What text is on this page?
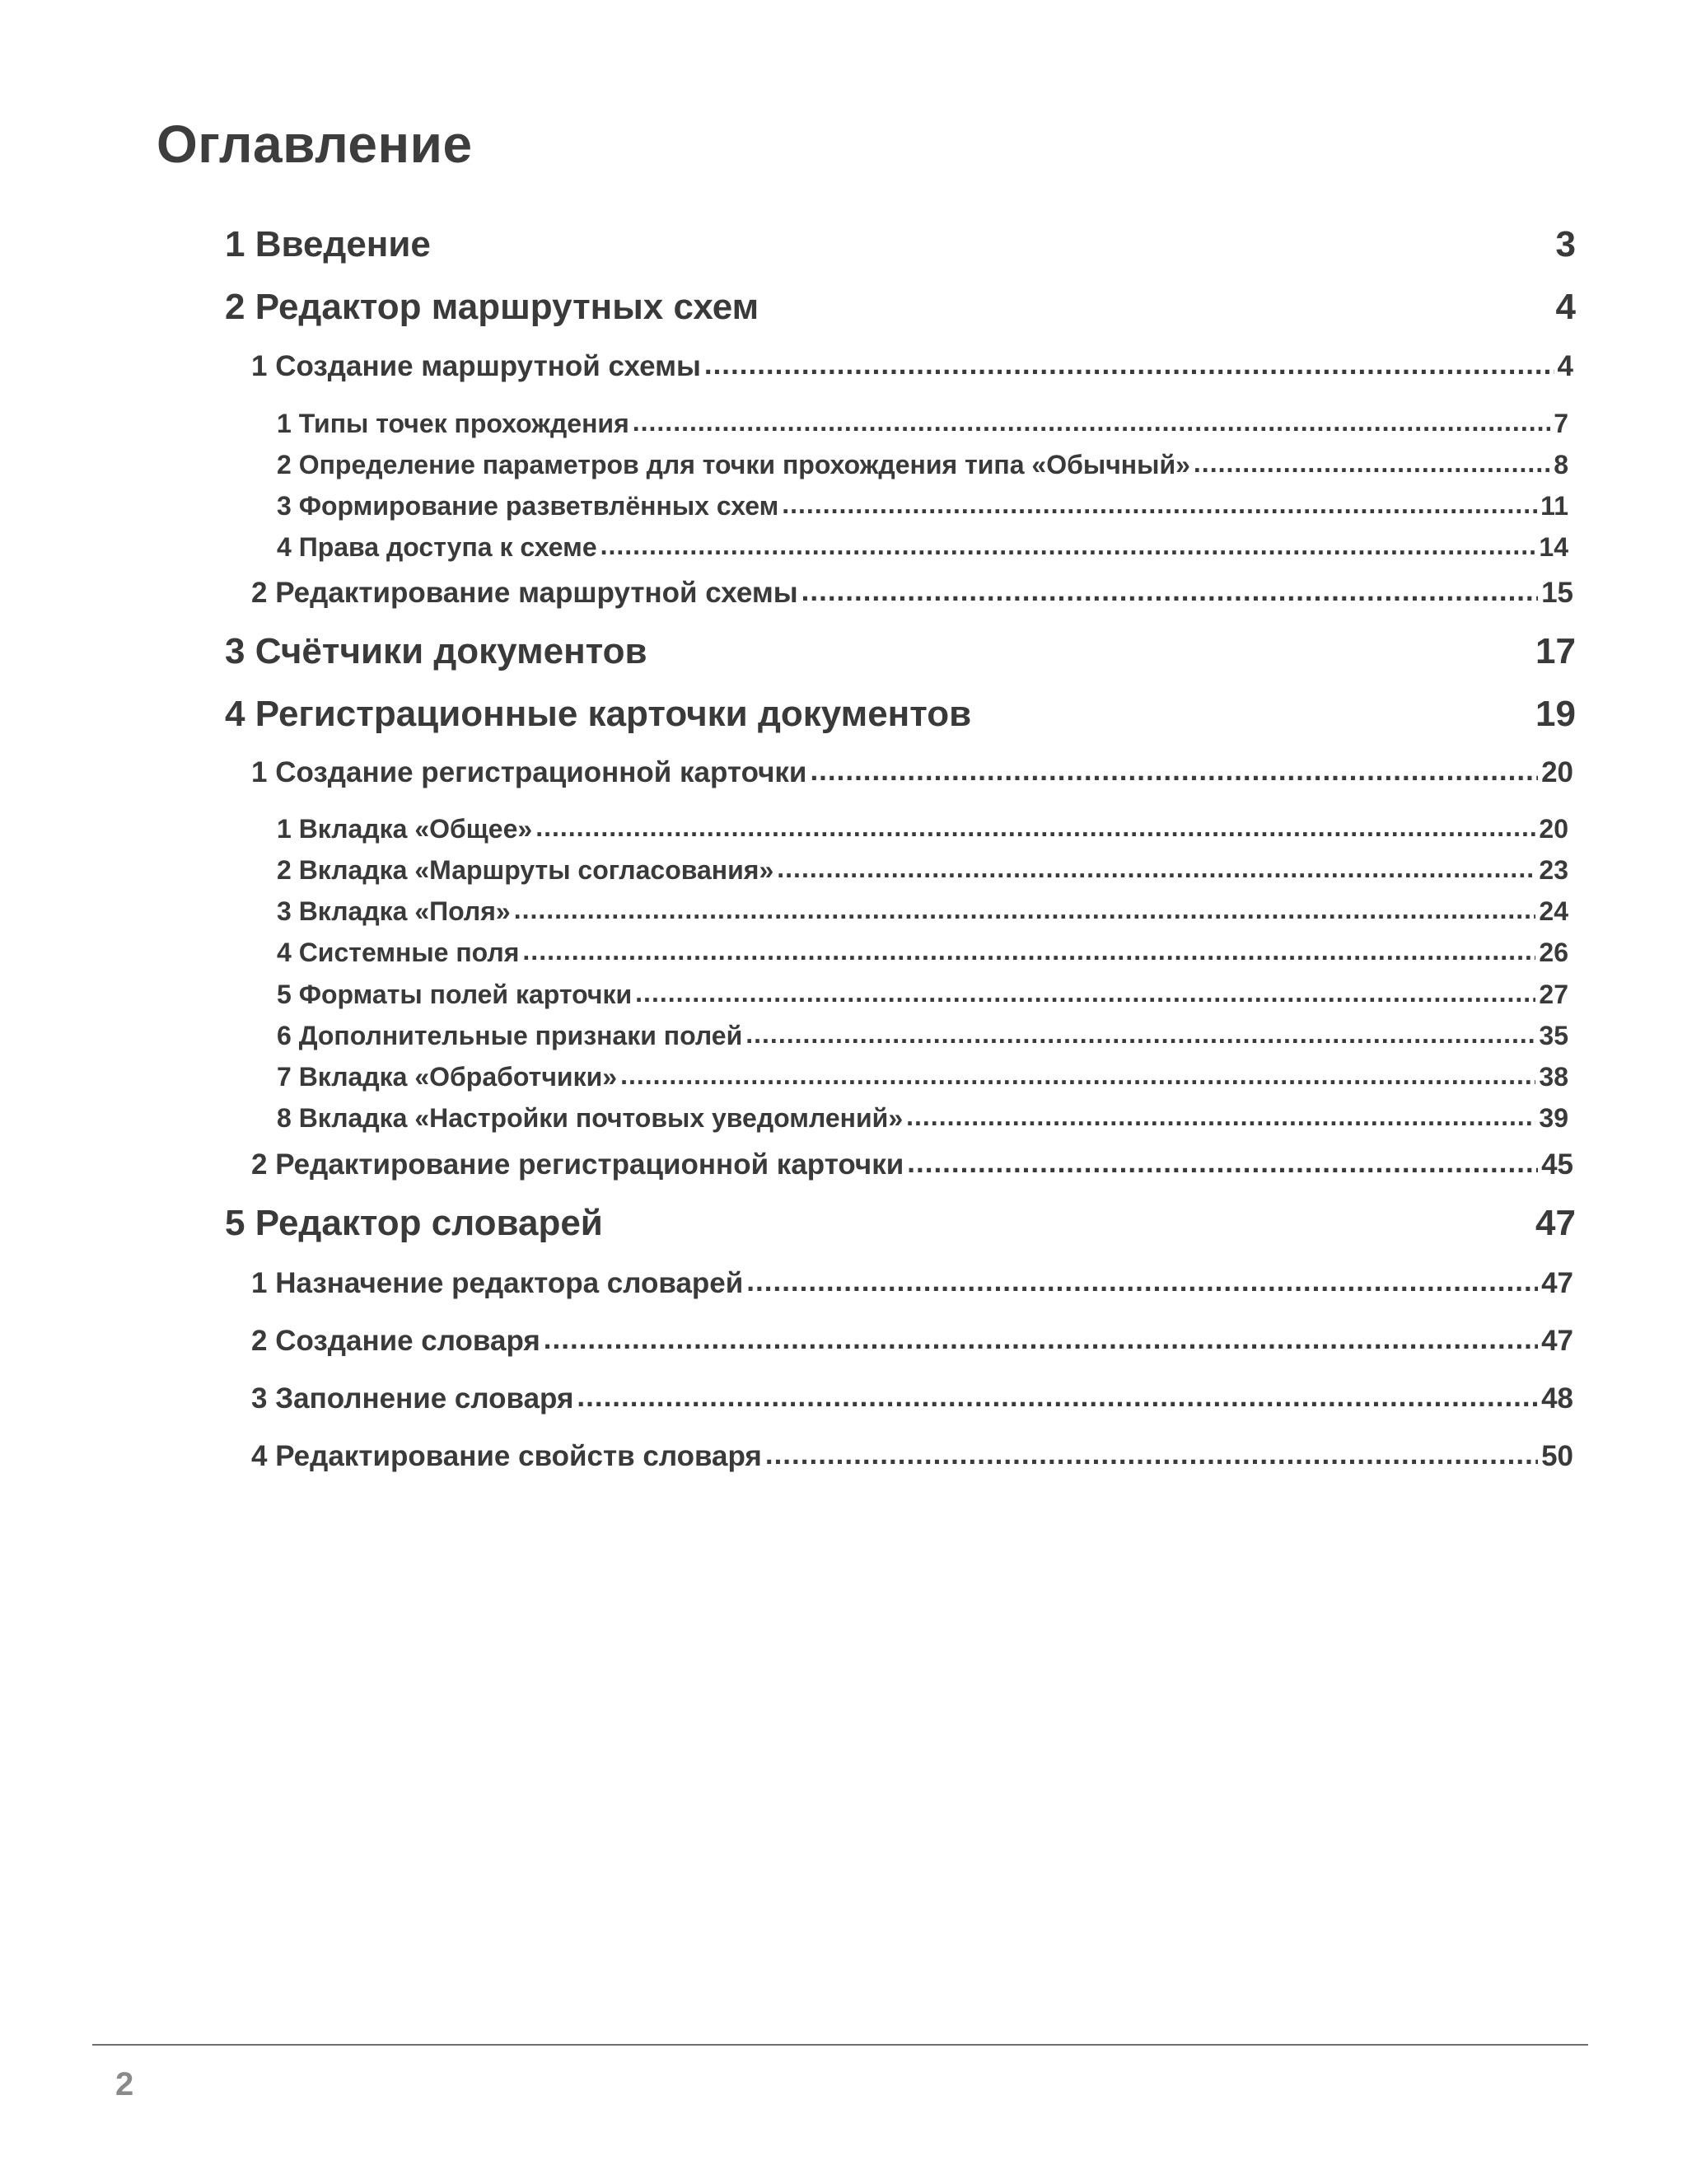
Оглавление
1 Введение	3
2 Редактор маршрутных схем	4
1 Создание маршрутной схемы .....	4
1 Типы точек прохождения .....	7
2 Определение параметров для точки прохождения типа «Обычный» .....	8
3 Формирование разветвлённых схем .....	11
4 Права доступа к схеме .....	14
2 Редактирование маршрутной схемы .....	15
3 Счётчики документов	17
4 Регистрационные карточки документов	19
1 Создание регистрационной карточки .....	20
1 Вкладка «Общее» .....	20
2 Вкладка «Маршруты согласования» .....	23
3 Вкладка «Поля» .....	24
4 Системные поля .....	26
5 Форматы полей карточки .....	27
6 Дополнительные признаки полей .....	35
7 Вкладка «Обработчики» .....	38
8 Вкладка «Настройки почтовых уведомлений» .....	39
2 Редактирование регистрационной карточки .....	45
5 Редактор словарей	47
1 Назначение редактора словарей .....	47
2 Создание словаря .....	47
3 Заполнение словаря .....	48
4 Редактирование свойств словаря .....	50
2
